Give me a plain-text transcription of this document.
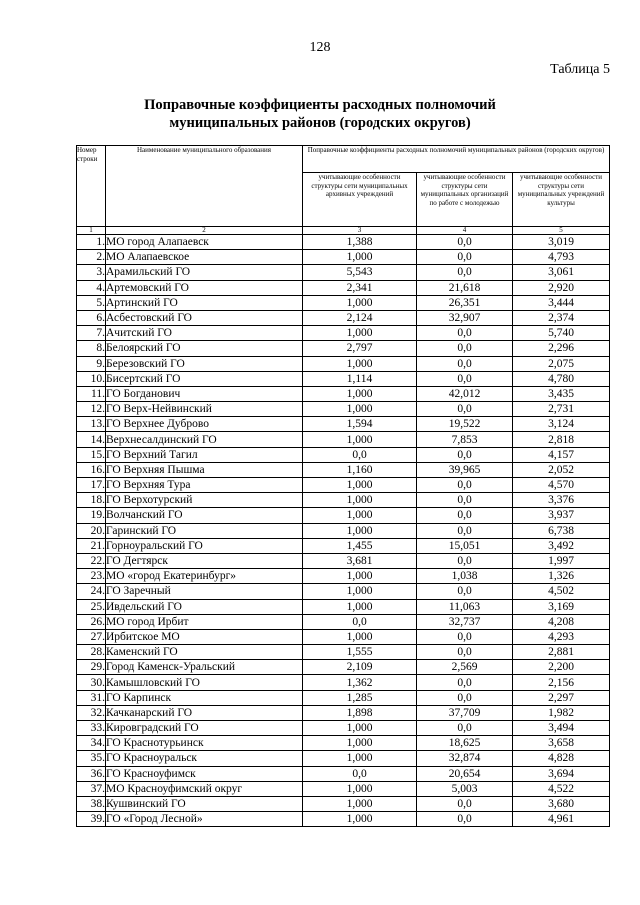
128
Таблица 5
Поправочные коэффициенты расходных полномочий
муниципальных районов (городских округов)
Номер строки	Наименование муниципального образования	Поправочные коэффициенты расходных полномочий муниципальных районов (городских округов)		
		учитывающие особенности структуры сети муниципальных архивных учреждений	учитывающие особенности структуры сети муниципальных организаций по работе с молодежью	учитывающие особенности структуры сети муниципальных учреждений культуры
1	2	3	4	5
1.	МО город Алапаевск	1,388	0,0	3,019
2.	МО Алапаевское	1,000	0,0	4,793
3.	Арамильский ГО	5,543	0,0	3,061
4.	Артемовский ГО	2,341	21,618	2,920
5.	Артинский ГО	1,000	26,351	3,444
6.	Асбестовский ГО	2,124	32,907	2,374
7.	Ачитский ГО	1,000	0,0	5,740
8.	Белоярский ГО	2,797	0,0	2,296
9.	Березовский ГО	1,000	0,0	2,075
10.	Бисертский ГО	1,114	0,0	4,780
11.	ГО Богданович	1,000	42,012	3,435
12.	ГО Верх-Нейвинский	1,000	0,0	2,731
13.	ГО Верхнее Дуброво	1,594	19,522	3,124
14.	Верхнесалдинский ГО	1,000	7,853	2,818
15.	ГО Верхний Тагил	0,0	0,0	4,157
16.	ГО Верхняя Пышма	1,160	39,965	2,052
17.	ГО Верхняя Тура	1,000	0,0	4,570
18.	ГО Верхотурский	1,000	0,0	3,376
19.	Волчанский ГО	1,000	0,0	3,937
20.	Гаринский ГО	1,000	0,0	6,738
21.	Горноуральский ГО	1,455	15,051	3,492
22.	ГО Дегтярск	3,681	0,0	1,997
23.	МО «город Екатеринбург»	1,000	1,038	1,326
24.	ГО Заречный	1,000	0,0	4,502
25.	Ивдельский ГО	1,000	11,063	3,169
26.	МО город Ирбит	0,0	32,737	4,208
27.	Ирбитское МО	1,000	0,0	4,293
28.	Каменский ГО	1,555	0,0	2,881
29.	Город Каменск-Уральский	2,109	2,569	2,200
30.	Камышловский ГО	1,362	0,0	2,156
31.	ГО Карпинск	1,285	0,0	2,297
32.	Качканарский ГО	1,898	37,709	1,982
33.	Кировградский ГО	1,000	0,0	3,494
34.	ГО Краснотурьинск	1,000	18,625	3,658
35.	ГО Красноуральск	1,000	32,874	4,828
36.	ГО Красноуфимск	0,0	20,654	3,694
37.	МО Красноуфимский округ	1,000	5,003	4,522
38.	Кушвинский ГО	1,000	0,0	3,680
39.	ГО «Город Лесной»	1,000	0,0	4,961
